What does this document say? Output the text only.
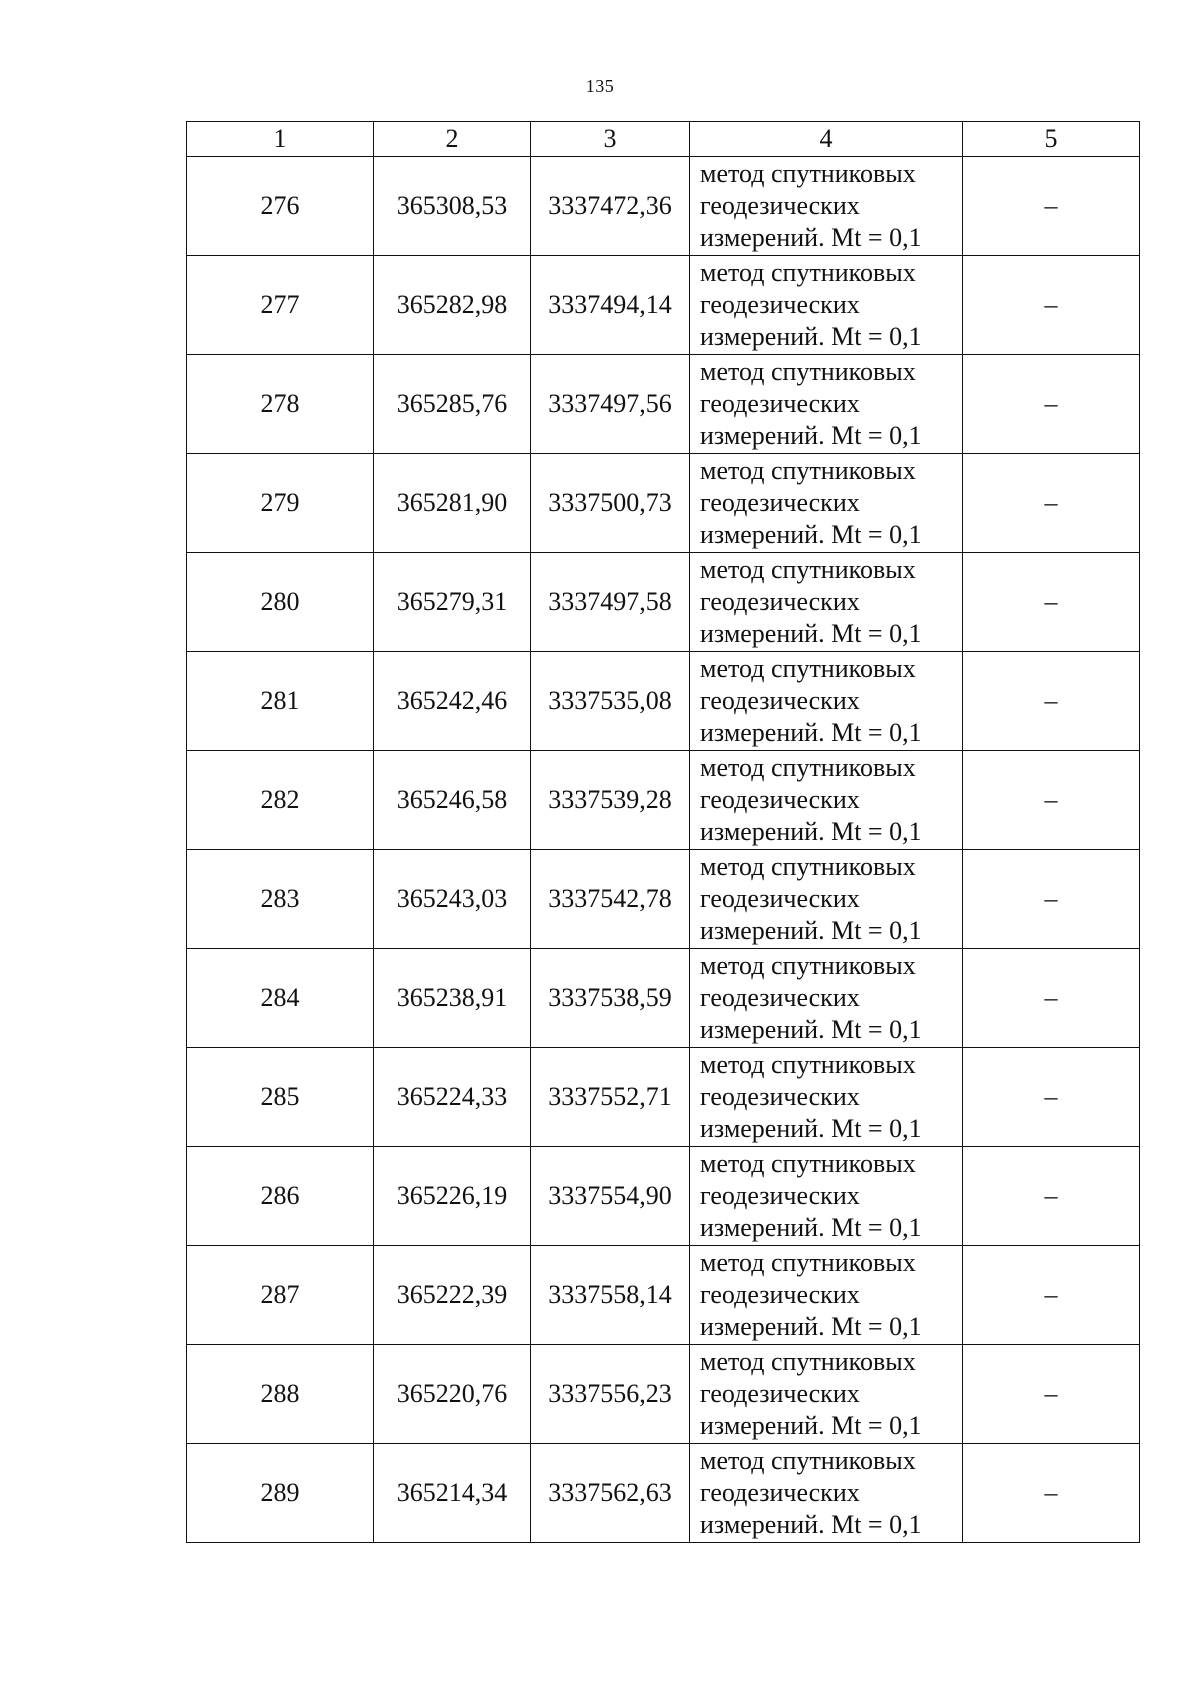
135
1	2	3	4	5
276	365308,53	3337472,36	метод спутниковых
геодезических
измерений. Mt = 0,1	–
277	365282,98	3337494,14	метод спутниковых
геодезических
измерений. Mt = 0,1	–
278	365285,76	3337497,56	метод спутниковых
геодезических
измерений. Mt = 0,1	–
279	365281,90	3337500,73	метод спутниковых
геодезических
измерений. Mt = 0,1	–
280	365279,31	3337497,58	метод спутниковых
геодезических
измерений. Mt = 0,1	–
281	365242,46	3337535,08	метод спутниковых
геодезических
измерений. Mt = 0,1	–
282	365246,58	3337539,28	метод спутниковых
геодезических
измерений. Mt = 0,1	–
283	365243,03	3337542,78	метод спутниковых
геодезических
измерений. Mt = 0,1	–
284	365238,91	3337538,59	метод спутниковых
геодезических
измерений. Mt = 0,1	–
285	365224,33	3337552,71	метод спутниковых
геодезических
измерений. Mt = 0,1	–
286	365226,19	3337554,90	метод спутниковых
геодезических
измерений. Mt = 0,1	–
287	365222,39	3337558,14	метод спутниковых
геодезических
измерений. Mt = 0,1	–
288	365220,76	3337556,23	метод спутниковых
геодезических
измерений. Mt = 0,1	–
289	365214,34	3337562,63	метод спутниковых
геодезических
измерений. Mt = 0,1	–
